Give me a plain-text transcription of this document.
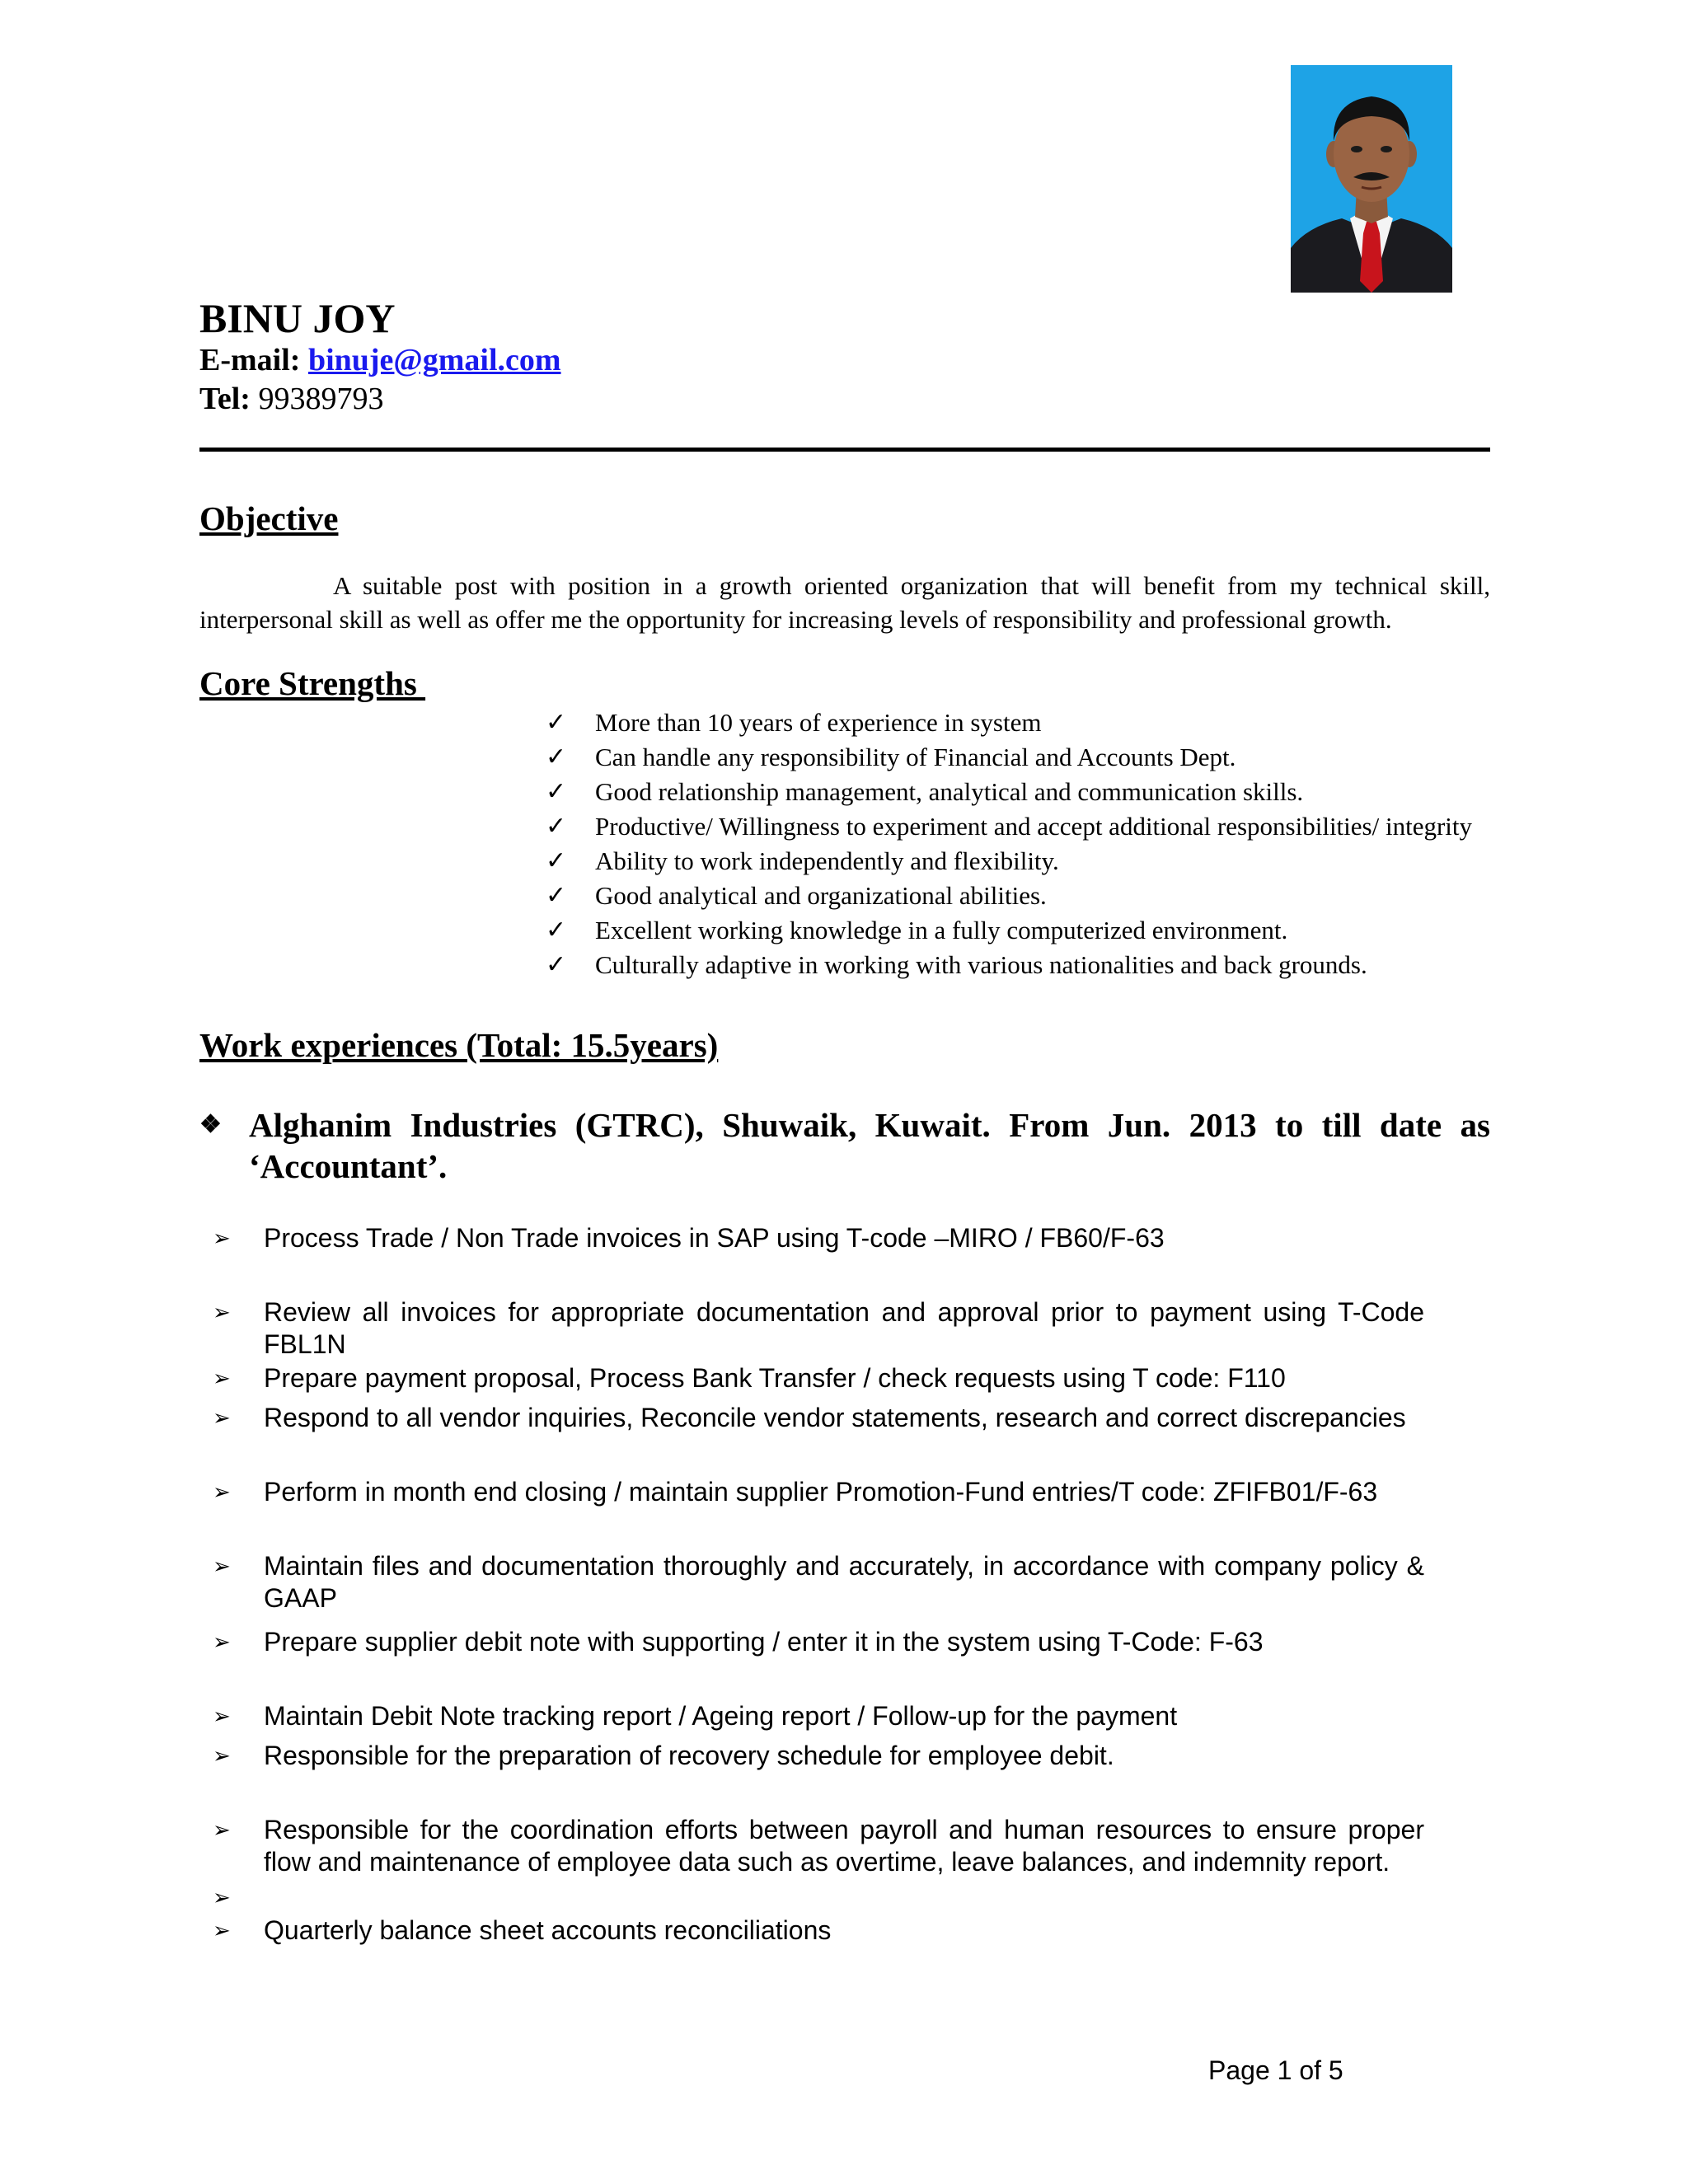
BINU JOY
E-mail: binuje@gmail.com
Tel: 99389793
Objective
A suitable post with position in a growth oriented organization that will benefit from my technical skill, interpersonal skill as well as offer me the opportunity for increasing levels of responsibility and professional growth.
Core Strengths
✓ More than 10 years of experience in system
✓ Can handle any responsibility of Financial and Accounts Dept.
✓ Good relationship management, analytical and communication skills.
✓ Productive/ Willingness to experiment and accept additional responsibilities/ integrity
✓ Ability to work independently and flexibility.
✓ Good analytical and organizational abilities.
✓ Excellent working knowledge in a fully computerized environment.
✓ Culturally adaptive in working with various nationalities and back grounds.
Work experiences (Total: 15.5years)
❖ Alghanim Industries (GTRC), Shuwaik, Kuwait. From Jun. 2013 to till date as ‘Accountant’.
➢ Process Trade / Non Trade invoices in SAP using T-code –MIRO / FB60/F-63
➢ Review all invoices for appropriate documentation and approval prior to payment using T-Code FBL1N
➢ Prepare payment proposal, Process Bank Transfer / check requests using T code: F110
➢ Respond to all vendor inquiries, Reconcile vendor statements, research and correct discrepancies
➢ Perform in month end closing / maintain supplier Promotion-Fund entries/T code: ZFIFB01/F-63
➢ Maintain files and documentation thoroughly and accurately, in accordance with company policy & GAAP
➢ Prepare supplier debit note with supporting / enter it in the system using T-Code: F-63
➢ Maintain Debit Note tracking report / Ageing report / Follow-up for the payment
➢ Responsible for the preparation of recovery schedule for employee debit.
➢ Responsible for the coordination efforts between payroll and human resources to ensure proper flow and maintenance of employee data such as overtime, leave balances, and indemnity report.
➢
➢ Quarterly balance sheet accounts reconciliations
Page 1 of 5
